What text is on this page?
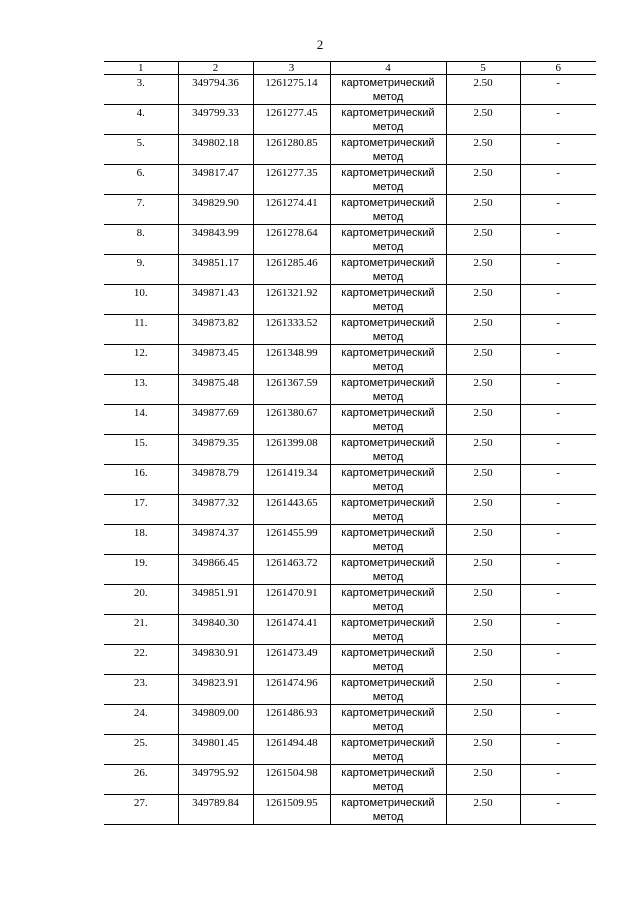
2
1	2	3	4	5	6
3.	349794.36	1261275.14	картометрический метод	2.50	-
4.	349799.33	1261277.45	картометрический метод	2.50	-
5.	349802.18	1261280.85	картометрический метод	2.50	-
6.	349817.47	1261277.35	картометрический метод	2.50	-
7.	349829.90	1261274.41	картометрический метод	2.50	-
8.	349843.99	1261278.64	картометрический метод	2.50	-
9.	349851.17	1261285.46	картометрический метод	2.50	-
10.	349871.43	1261321.92	картометрический метод	2.50	-
11.	349873.82	1261333.52	картометрический метод	2.50	-
12.	349873.45	1261348.99	картометрический метод	2.50	-
13.	349875.48	1261367.59	картометрический метод	2.50	-
14.	349877.69	1261380.67	картометрический метод	2.50	-
15.	349879.35	1261399.08	картометрический метод	2.50	-
16.	349878.79	1261419.34	картометрический метод	2.50	-
17.	349877.32	1261443.65	картометрический метод	2.50	-
18.	349874.37	1261455.99	картометрический метод	2.50	-
19.	349866.45	1261463.72	картометрический метод	2.50	-
20.	349851.91	1261470.91	картометрический метод	2.50	-
21.	349840.30	1261474.41	картометрический метод	2.50	-
22.	349830.91	1261473.49	картометрический метод	2.50	-
23.	349823.91	1261474.96	картометрический метод	2.50	-
24.	349809.00	1261486.93	картометрический метод	2.50	-
25.	349801.45	1261494.48	картометрический метод	2.50	-
26.	349795.92	1261504.98	картометрический метод	2.50	-
27.	349789.84	1261509.95	картометрический метод	2.50	-
